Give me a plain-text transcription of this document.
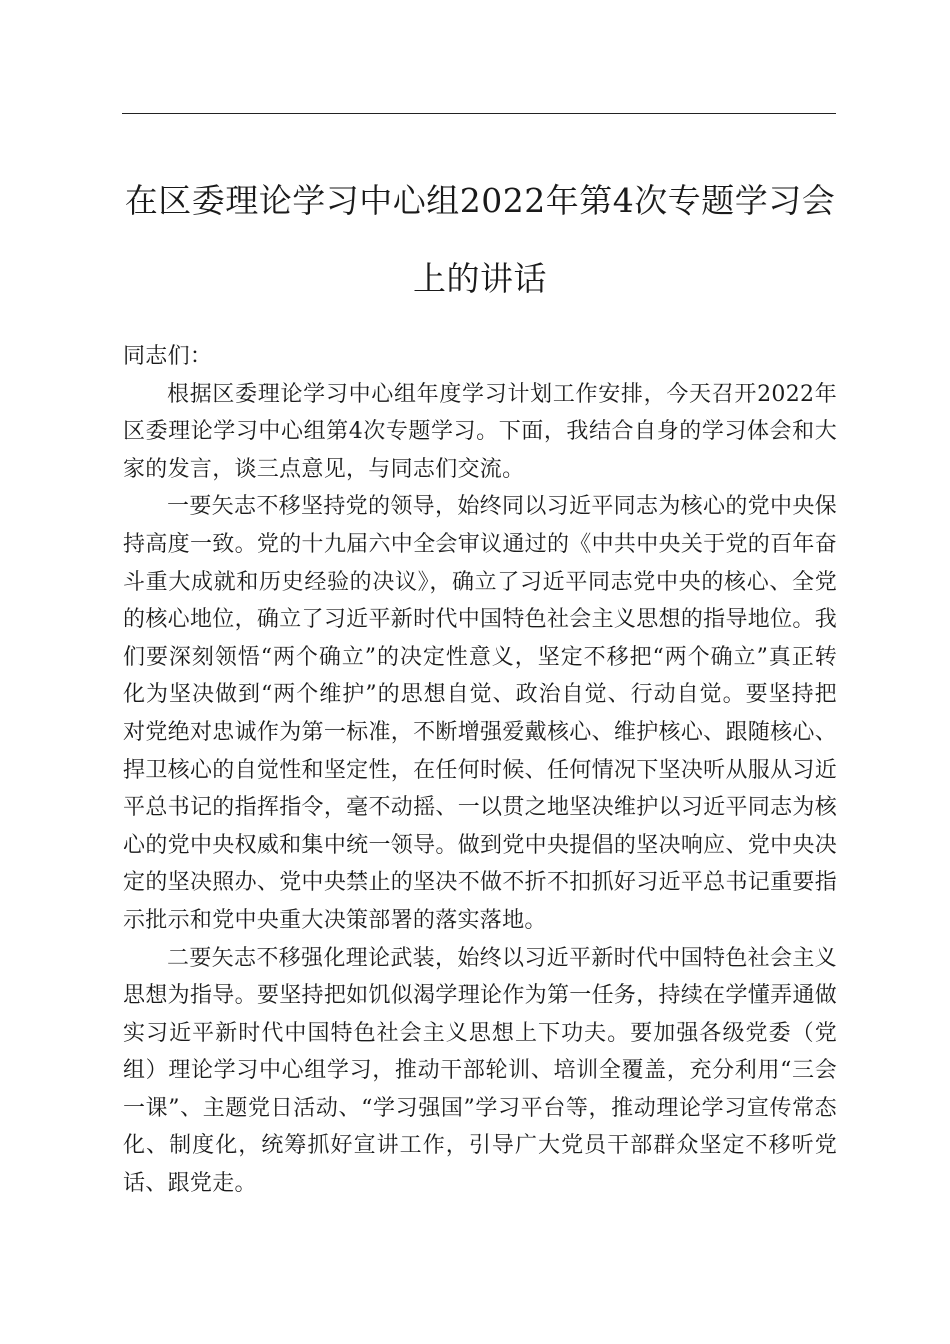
在区委理论学习中心组2022年第4次专题学习会上的讲话

同志们：

根据区委理论学习中心组年度学习计划工作安排，今天召开2022年区委理论学习中心组第4次专题学习。下面，我结合自身的学习体会和大家的发言，谈三点意见，与同志们交流。

一要矢志不移坚持党的领导，始终同以习近平同志为核心的党中央保持高度一致。党的十九届六中全会审议通过的《中共中央关于党的百年奋斗重大成就和历史经验的决议》，确立了习近平同志党中央的核心、全党的核心地位，确立了习近平新时代中国特色社会主义思想的指导地位。我们要深刻领悟“两个确立”的决定性意义，坚定不移把“两个确立”真正转化为坚决做到“两个维护”的思想自觉、政治自觉、行动自觉。要坚持把对党绝对忠诚作为第一标准，不断增强爱戴核心、维护核心、跟随核心、捍卫核心的自觉性和坚定性，在任何时候、任何情况下坚决听从服从习近平总书记的指挥指令，毫不动摇、一以贯之地坚决维护以习近平同志为核心的党中央权威和集中统一领导。做到党中央提倡的坚决响应、党中央决定的坚决照办、党中央禁止的坚决不做不折不扣抓好习近平总书记重要指示批示和党中央重大决策部署的落实落地。

二要矢志不移强化理论武装，始终以习近平新时代中国特色社会主义思想为指导。要坚持把如饥似渴学理论作为第一任务，持续在学懂弄通做实习近平新时代中国特色社会主义思想上下功夫。要加强各级党委（党组）理论学习中心组学习，推动干部轮训、培训全覆盖，充分利用“三会一课”、主题党日活动、“学习强国”学习平台等，推动理论学习宣传常态化、制度化，统筹抓好宣讲工作，引导广大党员干部群众坚定不移听党话、跟党走。
